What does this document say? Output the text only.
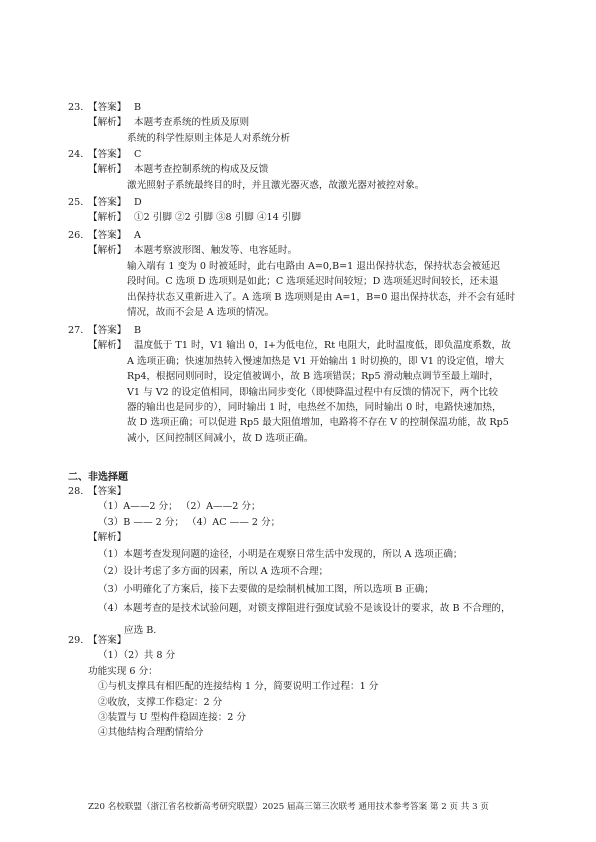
23. 【答案】 B
【解析】 本题考查系统的性质及原则
系统的科学性原则主体是人对系统分析
24. 【答案】 C
【解析】 本题考查控制系统的构成及反馈
激光照射子系统最终目的时，并且激光器灭惑，故激光器对被控对象。
25. 【答案】 D
【解析】 ①2 引脚 ②2 引脚 ③8 引脚 ④14 引脚
26. 【答案】 A
【解析】 本题考察波形图、触发等、电容延时。
输入端有 1 变为 0 时被延时，此右电路由 A=0,B=1 退出保持状态，保持状态会被延迟
段时间。C 选项 D 选项则是如此；C 选项延迟时间较短；D 选项延迟时间较长，还未退
出保持状态又重新进入了。A 选项 B 选项则是由 A=1，B=0 退出保持状态，并不会有延时
情况，故而不会是 A 选项的情况。
27. 【答案】 B
【解析】 温度低于 T1 时，V1 输出 0，Ⅰ+为低电位，Rt 电阻大，此时温度低，即负温度系数，故
A 选项正确；快速加热转入慢速加热是 V1 开始输出 1 时切换的，即 V1 的设定值，增大
Rp4，根据同则同时，设定值被调小，故 B 选项错误；Rp5 滑动触点调节至最上端时，
V1 与 V2 的设定值相同，即输出同步变化（即使降温过程中有反馈的情况下，两个比较
器的输出也是同步的），同时输出 1 时，电热丝不加热，同时输出 0 时，电路快速加热，
故 D 选项正确；可以促进 Rp5 最大阻值增加，电路将不存在 V 的控制保温功能，故 Rp5
减小，区间控制区间减小，故 D 选项正确。
二、非选择题
28. 【答案】
（1）A——2 分； （2）A——2 分；
（3）B —— 2 分； （4）AC —— 2 分；
【解析】
（1）本题考查发现问题的途径，小明是在观察日常生活中发现的，所以 A 选项正确；
（2）设计考虑了多方面的因素，所以 A 选项不合理；
（3）小明確化了方案后，接下去要做的是绘制机械加工图，所以选项 B 正确；
（4）本题考查的是技术试验问题，对锁支撑阻进行强度试验不是该设计的要求，故 B 不合理的，
应选 B.
29. 【答案】
（1）（2）共 8 分
功能实现 6 分：
①与机支撑具有相匹配的连接结构 1 分，简要说明工作过程：1 分
②收放，支撑工作稳定：2 分
③装置与 U 型构件稳固连接：2 分
④其他结构合理酌情给分
Z20 名校联盟（浙江省名校新高考研究联盟）2025 届高三第三次联考 通用技术参考答案 第 2 页 共 3 页
